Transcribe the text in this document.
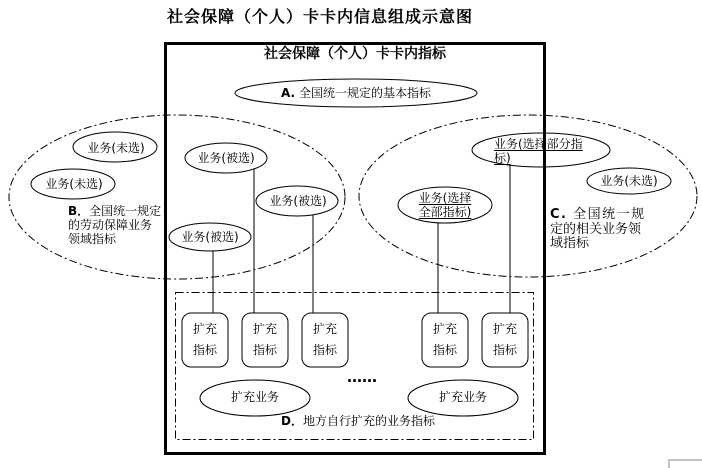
社会保障（个人）卡卡内信息组成示意图
社会保障（个人）卡卡内指标
A. 全国统一规定的基本指标
业务(未选)
业务(未选)
业务(被选)
业务(被选)
业务(被选)
业务(选择部分指
标)
业务(未选)
业务(选择
全部指标)
B．全国统一规定
的劳动保障业务
领域指标
C. 全国统一规
定的相关业务领
域指标
扩充
指标
扩充
指标
扩充
指标
扩充
指标
扩充
指标
……
扩充业务	扩充业务
D．地方自行扩充的业务指标
